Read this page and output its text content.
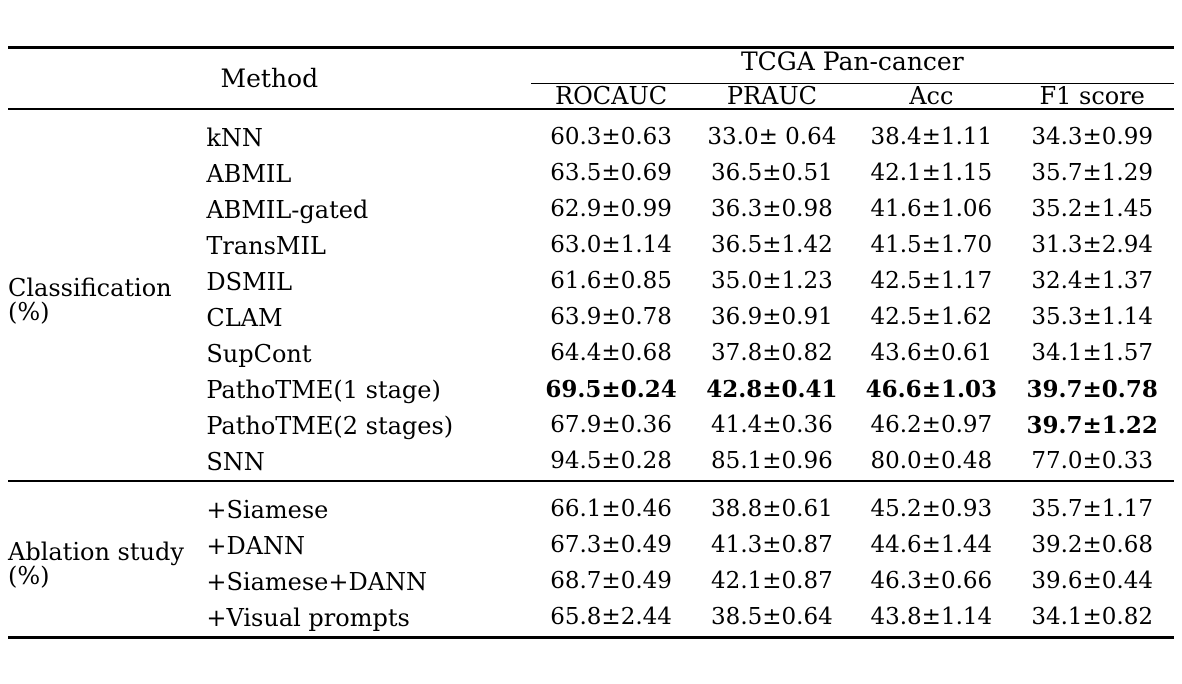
Method		TCGA Pan-cancer			

		ROCAUC	PRAUC	Acc	F1 score

Classification
(%)	kNN	60.3±0.63	33.0± 0.64	38.4±1.11	34.3±0.99
	ABMIL	63.5±0.69	36.5±0.51	42.1±1.15	35.7±1.29
	ABMIL-gated	62.9±0.99	36.3±0.98	41.6±1.06	35.2±1.45
	TransMIL	63.0±1.14	36.5±1.42	41.5±1.70	31.3±2.94
	DSMIL	61.6±0.85	35.0±1.23	42.5±1.17	32.4±1.37
	CLAM	63.9±0.78	36.9±0.91	42.5±1.62	35.3±1.14
	SupCont	64.4±0.68	37.8±0.82	43.6±0.61	34.1±1.57
	PathoTME(1 stage)	69.5±0.24	42.8±0.41	46.6±1.03	39.7±0.78
	PathoTME(2 stages)	67.9±0.36	41.4±0.36	46.2±0.97	39.7±1.22
	SNN	94.5±0.28	85.1±0.96	80.0±0.48	77.0±0.33

Ablation study
(%)	+Siamese	66.1±0.46	38.8±0.61	45.2±0.93	35.7±1.17
	+DANN	67.3±0.49	41.3±0.87	44.6±1.44	39.2±0.68
	+Siamese+DANN	68.7±0.49	42.1±0.87	46.3±0.66	39.6±0.44
	+Visual prompts	65.8±2.44	38.5±0.64	43.8±1.14	34.1±0.82
